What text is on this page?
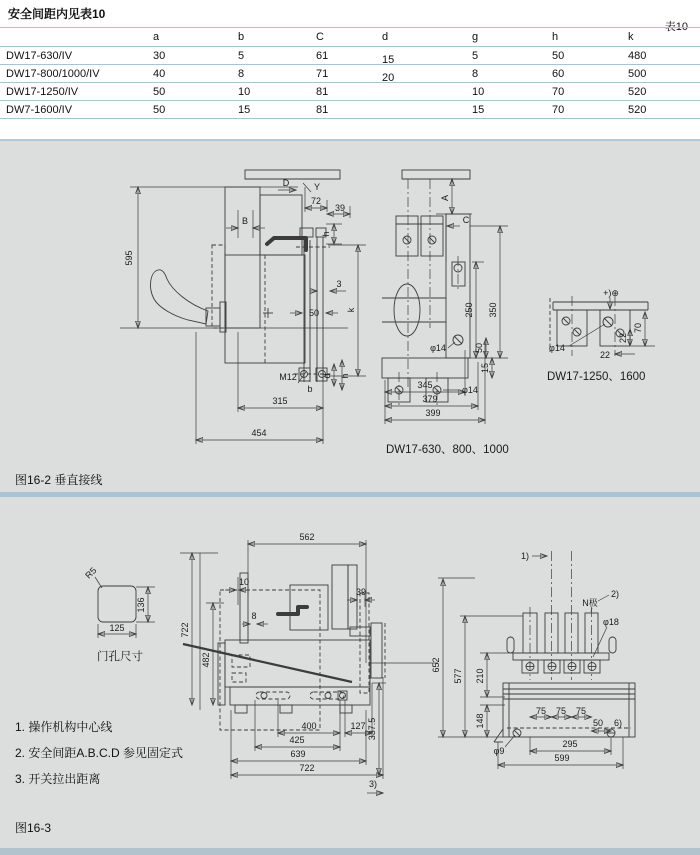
安全间距内见表10
表10
	a	b	C	d	g	h	k
DW17-630/IV	30	5	61	15	5	50	480
DW17-800/1000/IV	40	8	71	20	8	60	500
DW17-1250/IV	50	10	81		10	70	520
DW7-1600/IV	50	15	81		15	70	520
595
B
D	Y
72
39
h
3
50	k
M12
b
d h
315
454
A
C
250 350
φ14	50
15
φ14
345
379
399
DW17-630、800、1000
+)⊕
70
22
22
φ14
DW17-1250、1600
图16-2 垂直接线
R5
136
125
门孔尺寸
562
10
39
8
722
482
400	127
425
639
722
337.5
3)
1)
2)
N极
φ18
652
577 210
148
75 75 75
50 6)
φ9
295
599
1. 操作机构中心线
2. 安全间距A.B.C.D 参见固定式
3. 开关拉出距离
图16-3
